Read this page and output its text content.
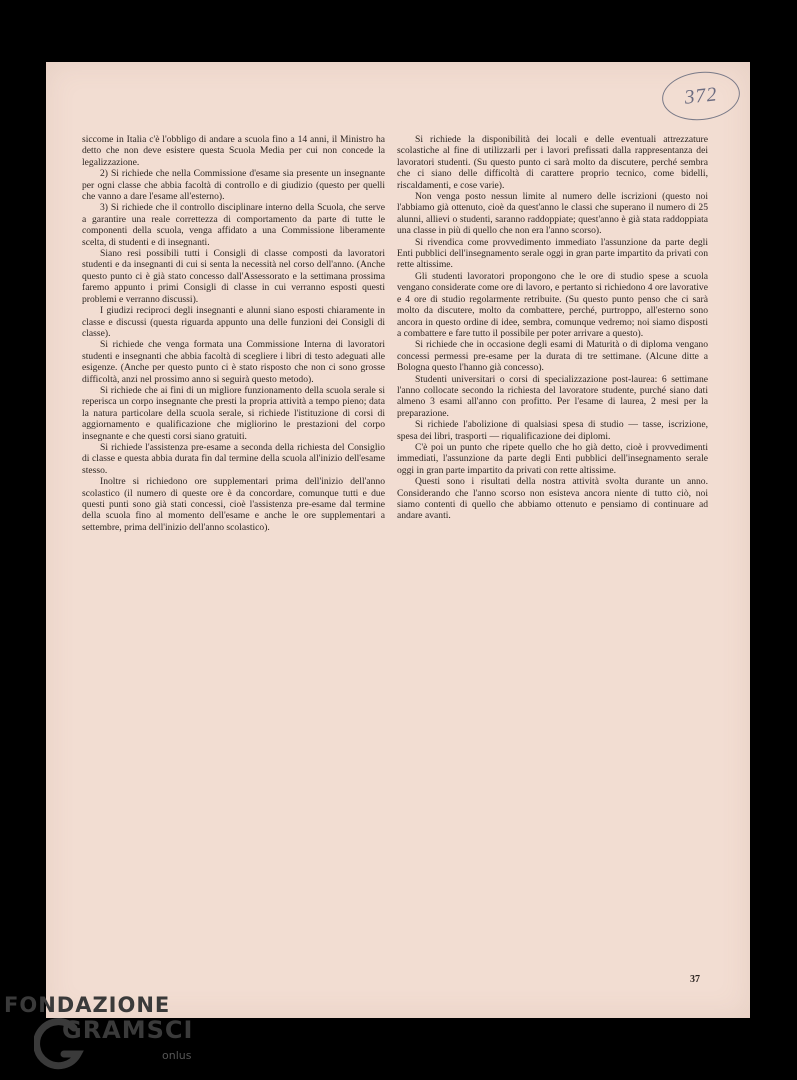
372

siccome in Italia c'è l'obbligo di andare a scuola fino a 14 anni, il Ministro ha detto che non deve esistere questa Scuola Media per cui non concede la legalizzazione.

2) Si richiede che nella Commissione d'esame sia presente un insegnante per ogni classe che abbia facoltà di controllo e di giudizio (questo per quelli che vanno a dare l'esame all'esterno).

3) Si richiede che il controllo disciplinare interno della Scuola, che serve a garantire una reale correttezza di comportamento da parte di tutte le componenti della scuola, venga affidato a una Commissione liberamente scelta, di studenti e di insegnanti.

Siano resi possibili tutti i Consigli di classe composti da lavoratori studenti e da insegnanti di cui si senta la necessità nel corso dell'anno. (Anche questo punto ci è già stato concesso dall'Assessorato e la settimana prossima faremo appunto i primi Consigli di classe in cui verranno esposti questi problemi e verranno discussi).

I giudizi reciproci degli insegnanti e alunni siano esposti chiaramente in classe e discussi (questa riguarda appunto una delle funzioni dei Consigli di classe).

Si richiede che venga formata una Commissione Interna di lavoratori studenti e insegnanti che abbia facoltà di scegliere i libri di testo adeguati alle esigenze. (Anche per questo punto ci è stato risposto che non ci sono grosse difficoltà, anzi nel prossimo anno si seguirà questo metodo).

Si richiede che ai fini di un migliore funzionamento della scuola serale si reperisca un corpo insegnante che presti la propria attività a tempo pieno; data la natura particolare della scuola serale, si richiede l'istituzione di corsi di aggiornamento e qualificazione che migliorino le prestazioni del corpo insegnante e che questi corsi siano gratuiti.

Si richiede l'assistenza pre-esame a seconda della richiesta del Consiglio di classe e questa abbia durata fin dal termine della scuola all'inizio dell'esame stesso.

Inoltre si richiedono ore supplementari prima dell'inizio dell'anno scolastico (il numero di queste ore è da concordare, comunque tutti e due questi punti sono già stati concessi, cioè l'assistenza pre-esame dal termine della scuola fino al momento dell'esame e anche le ore supplementari a settembre, prima dell'inizio dell'anno scolastico).

Si richiede la disponibilità dei locali e delle eventuali attrezzature scolastiche al fine di utilizzarli per i lavori prefissati dalla rappresentanza dei lavoratori studenti. (Su questo punto ci sarà molto da discutere, perché sembra che ci siano delle difficoltà di carattere proprio tecnico, come bidelli, riscaldamenti, e cose varie).

Non venga posto nessun limite al numero delle iscrizioni (questo noi l'abbiamo già ottenuto, cioè da quest'anno le classi che superano il numero di 25 alunni, allievi o studenti, saranno raddoppiate; quest'anno è già stata raddoppiata una classe in più di quello che non era l'anno scorso).

Si rivendica come provvedimento immediato l'assunzione da parte degli Enti pubblici dell'insegnamento serale oggi in gran parte impartito da privati con rette altissime.

Gli studenti lavoratori propongono che le ore di studio spese a scuola vengano considerate come ore di lavoro, e pertanto si richiedono 4 ore lavorative e 4 ore di studio regolarmente retribuite. (Su questo punto penso che ci sarà molto da discutere, molto da combattere, perché, purtroppo, all'esterno sono ancora in questo ordine di idee, sembra, comunque vedremo; noi siamo disposti a combattere e fare tutto il possibile per poter arrivare a questo).

Si richiede che in occasione degli esami di Maturità o di diploma vengano concessi permessi pre-esame per la durata di tre settimane. (Alcune ditte a Bologna questo l'hanno già concesso).

Studenti universitari o corsi di specializzazione post-laurea: 6 settimane l'anno collocate secondo la richiesta del lavoratore studente, purché siano dati almeno 3 esami all'anno con profitto. Per l'esame di laurea, 2 mesi per la preparazione.

Si richiede l'abolizione di qualsiasi spesa di studio — tasse, iscrizione, spesa dei libri, trasporti — riqualificazione dei diplomi.

C'è poi un punto che ripete quello che ho già detto, cioè i provvedimenti immediati, l'assunzione da parte degli Enti pubblici dell'insegnamento serale oggi in gran parte impartito da privati con rette altissime.

Questi sono i risultati della nostra attività svolta durante un anno. Considerando che l'anno scorso non esisteva ancora niente di tutto ciò, noi siamo contenti di quello che abbiamo ottenuto e pensiamo di continuare ad andare avanti.

37
FONDAZIONE
GRAMSCI
onlus
